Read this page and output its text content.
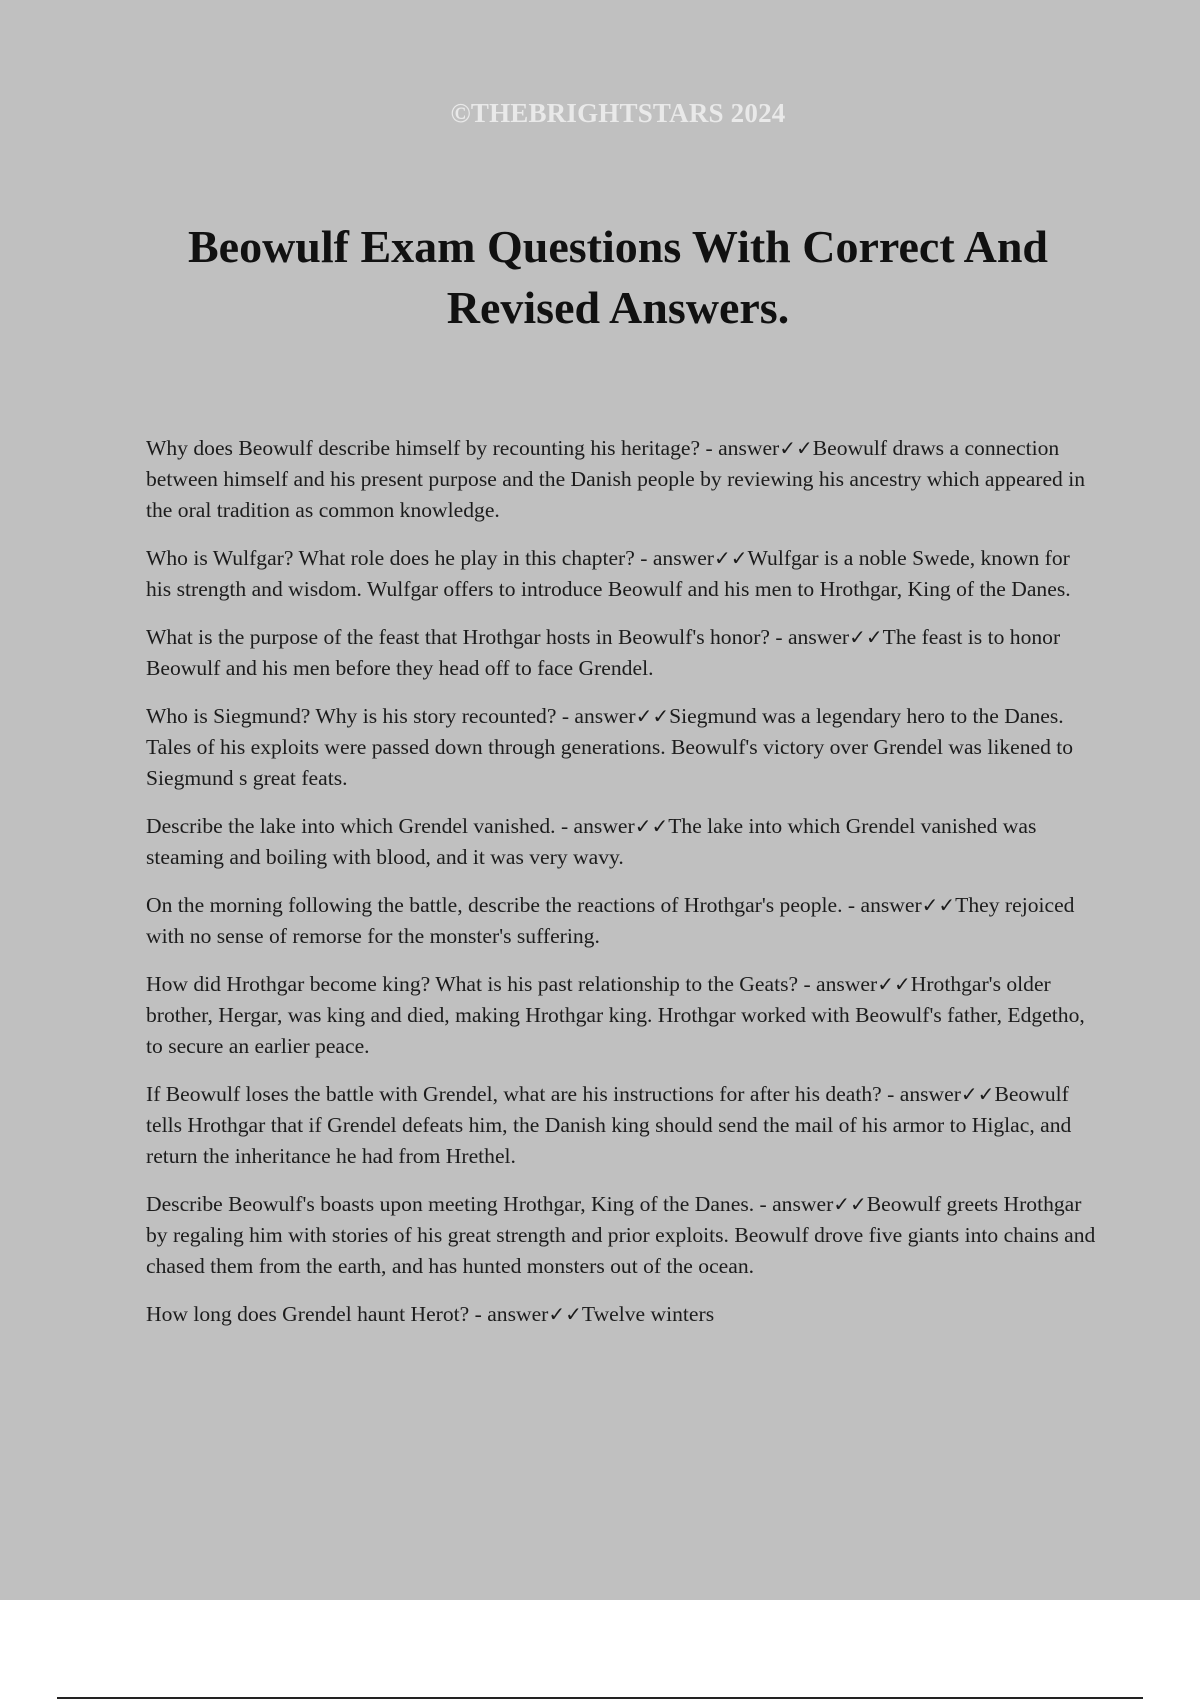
©THEBRIGHTSTARS 2024
Beowulf Exam Questions With Correct And Revised Answers.

Why does Beowulf describe himself by recounting his heritage? - answer✓✓Beowulf draws a connection between himself and his present purpose and the Danish people by reviewing his ancestry which appeared in the oral tradition as common knowledge.

Who is Wulfgar? What role does he play in this chapter? - answer✓✓Wulfgar is a noble Swede, known for his strength and wisdom. Wulfgar offers to introduce Beowulf and his men to Hrothgar, King of the Danes.

What is the purpose of the feast that Hrothgar hosts in Beowulf's honor? - answer✓✓The feast is to honor Beowulf and his men before they head off to face Grendel.

Who is Siegmund? Why is his story recounted? - answer✓✓Siegmund was a legendary hero to the Danes. Tales of his exploits were passed down through generations. Beowulf's victory over Grendel was likened to Siegmund s great feats.

Describe the lake into which Grendel vanished. - answer✓✓The lake into which Grendel vanished was steaming and boiling with blood, and it was very wavy.

On the morning following the battle, describe the reactions of Hrothgar's people. - answer✓✓They rejoiced with no sense of remorse for the monster's suffering.

How did Hrothgar become king? What is his past relationship to the Geats? - answer✓✓Hrothgar's older brother, Hergar, was king and died, making Hrothgar king. Hrothgar worked with Beowulf's father, Edgetho, to secure an earlier peace.

If Beowulf loses the battle with Grendel, what are his instructions for after his death? - answer✓✓Beowulf tells Hrothgar that if Grendel defeats him, the Danish king should send the mail of his armor to Higlac, and return the inheritance he had from Hrethel.

Describe Beowulf's boasts upon meeting Hrothgar, King of the Danes. - answer✓✓Beowulf greets Hrothgar by regaling him with stories of his great strength and prior exploits. Beowulf drove five giants into chains and chased them from the earth, and has hunted monsters out of the ocean.

How long does Grendel haunt Herot? - answer✓✓Twelve winters
